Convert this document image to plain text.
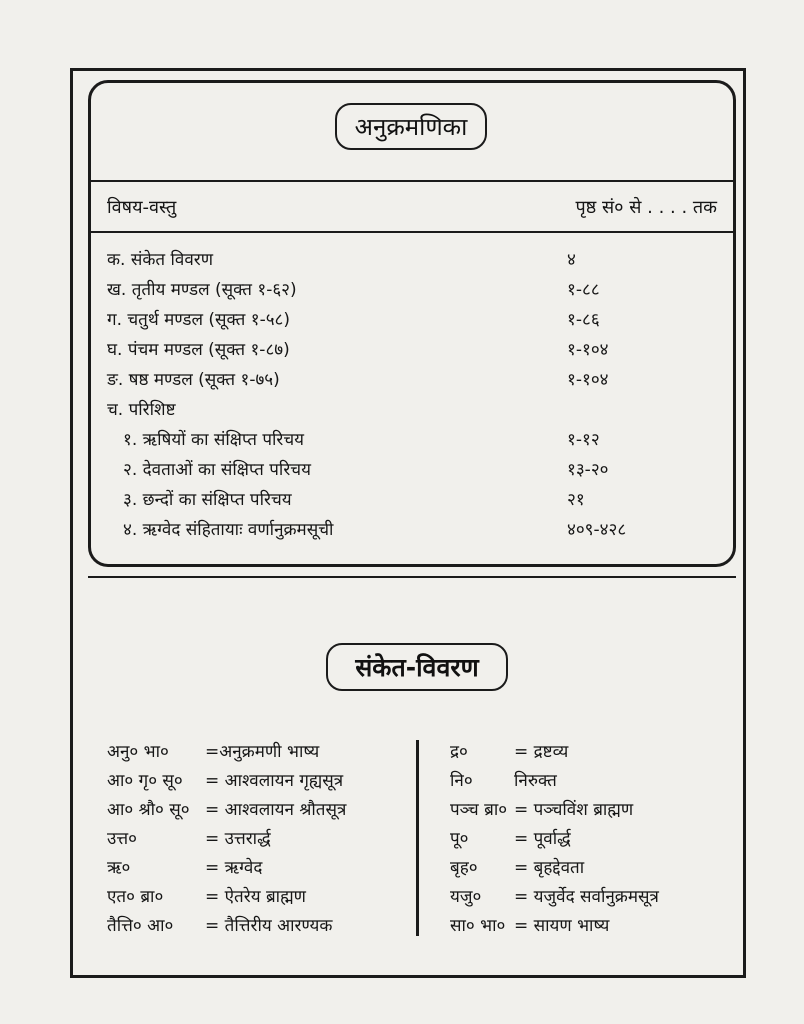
अनुक्रमणिका
विषय-वस्तु	पृष्ठ सं० से . . . . तक
क. संकेत विवरण	४
ख. तृतीय मण्डल (सूक्त १-६२)	१-८८
ग. चतुर्थ मण्डल (सूक्त १-५८)	१-८६
घ. पंचम मण्डल (सूक्त १-८७)	१-१०४
ङ. षष्ठ मण्डल (सूक्त १-७५)	१-१०४
च. परिशिष्ट
१. ऋषियों का संक्षिप्त परिचय	१-१२
२. देवताओं का संक्षिप्त परिचय	१३-२०
३. छन्दों का संक्षिप्त परिचय	२१
४. ऋग्वेद संहितायाः वर्णानुक्रमसूची	४०९-४२८
संकेत-विवरण
अनु० भा० =अनुक्रमणी भाष्य
आ० गृ० सू० = आश्वलायन गृह्यसूत्र
आ० श्रौ० सू० = आश्वलायन श्रौतसूत्र
उत्त०	= उत्तरार्द्ध
ऋ०	= ऋग्वेद
एत० ब्रा० = ऐतरेय ब्राह्मण
तैत्ति० आ० = तैत्तिरीय आरण्यक
द्र०	= द्रष्टव्य
नि० निरुक्त
पञ्च ब्रा० = पञ्चविंश ब्राह्मण
पू०	= पूर्वार्द्ध
बृह० = बृहद्देवता
यजु० = यजुर्वेद सर्वानुक्रमसूत्र
सा० भा० = सायण भाष्य
